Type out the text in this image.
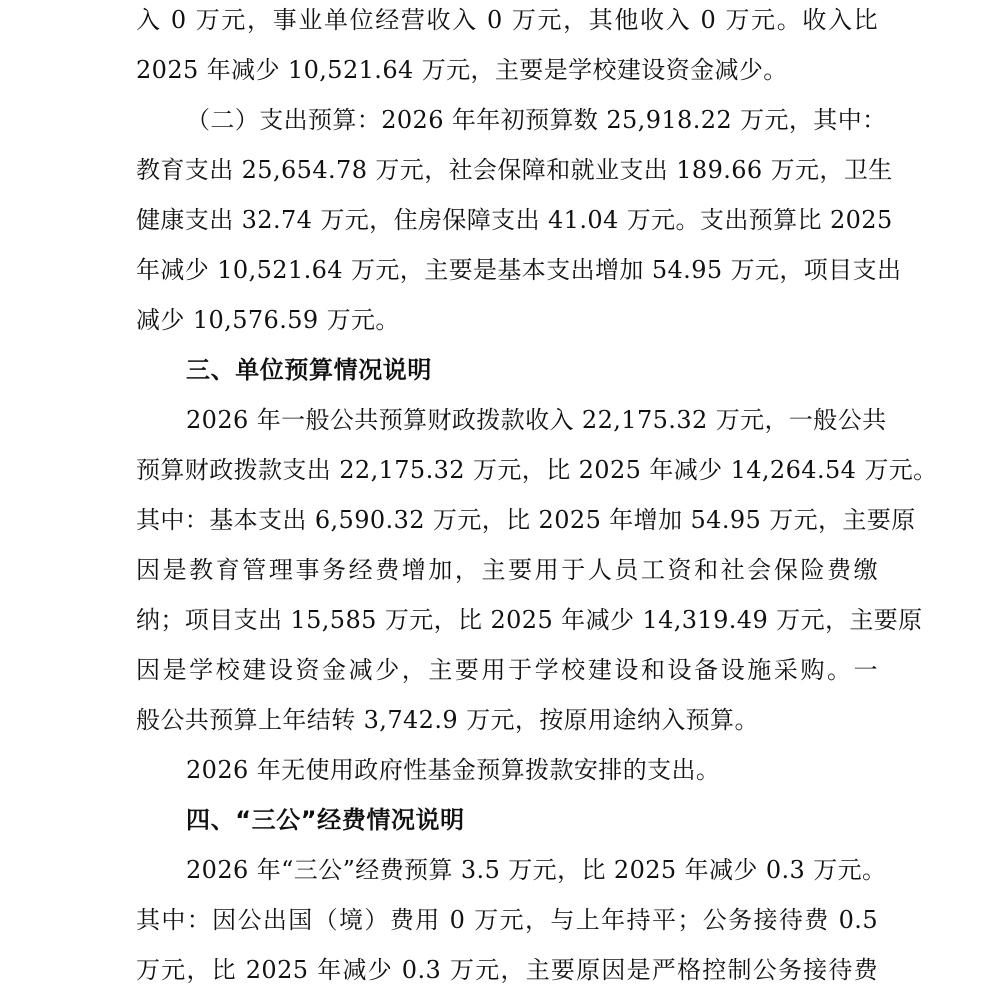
入 0 万元，事业单位经营收入 0 万元，其他收入 0 万元。收入比
2025 年减少 10,521.64 万元，主要是学校建设资金减少。
（二）支出预算：2026 年年初预算数 25,918.22 万元，其中：
教育支出 25,654.78 万元，社会保障和就业支出 189.66 万元，卫生
健康支出 32.74 万元，住房保障支出 41.04 万元。支出预算比 2025
年减少 10,521.64 万元，主要是基本支出增加 54.95 万元，项目支出
减少 10,576.59 万元。
三、单位预算情况说明
2026 年一般公共预算财政拨款收入 22,175.32 万元，一般公共
预算财政拨款支出 22,175.32 万元，比 2025 年减少 14,264.54 万元。
其中：基本支出 6,590.32 万元，比 2025 年增加 54.95 万元，主要原
因是教育管理事务经费增加，主要用于人员工资和社会保险费缴
纳；项目支出 15,585 万元，比 2025 年减少 14,319.49 万元，主要原
因是学校建设资金减少，主要用于学校建设和设备设施采购。一
般公共预算上年结转 3,742.9 万元，按原用途纳入预算。
2026 年无使用政府性基金预算拨款安排的支出。
四、“三公”经费情况说明
2026 年“三公”经费预算 3.5 万元，比 2025 年减少 0.3 万元。
其中：因公出国（境）费用 0 万元，与上年持平；公务接待费 0.5
万元，比 2025 年减少 0.3 万元，主要原因是严格控制公务接待费
